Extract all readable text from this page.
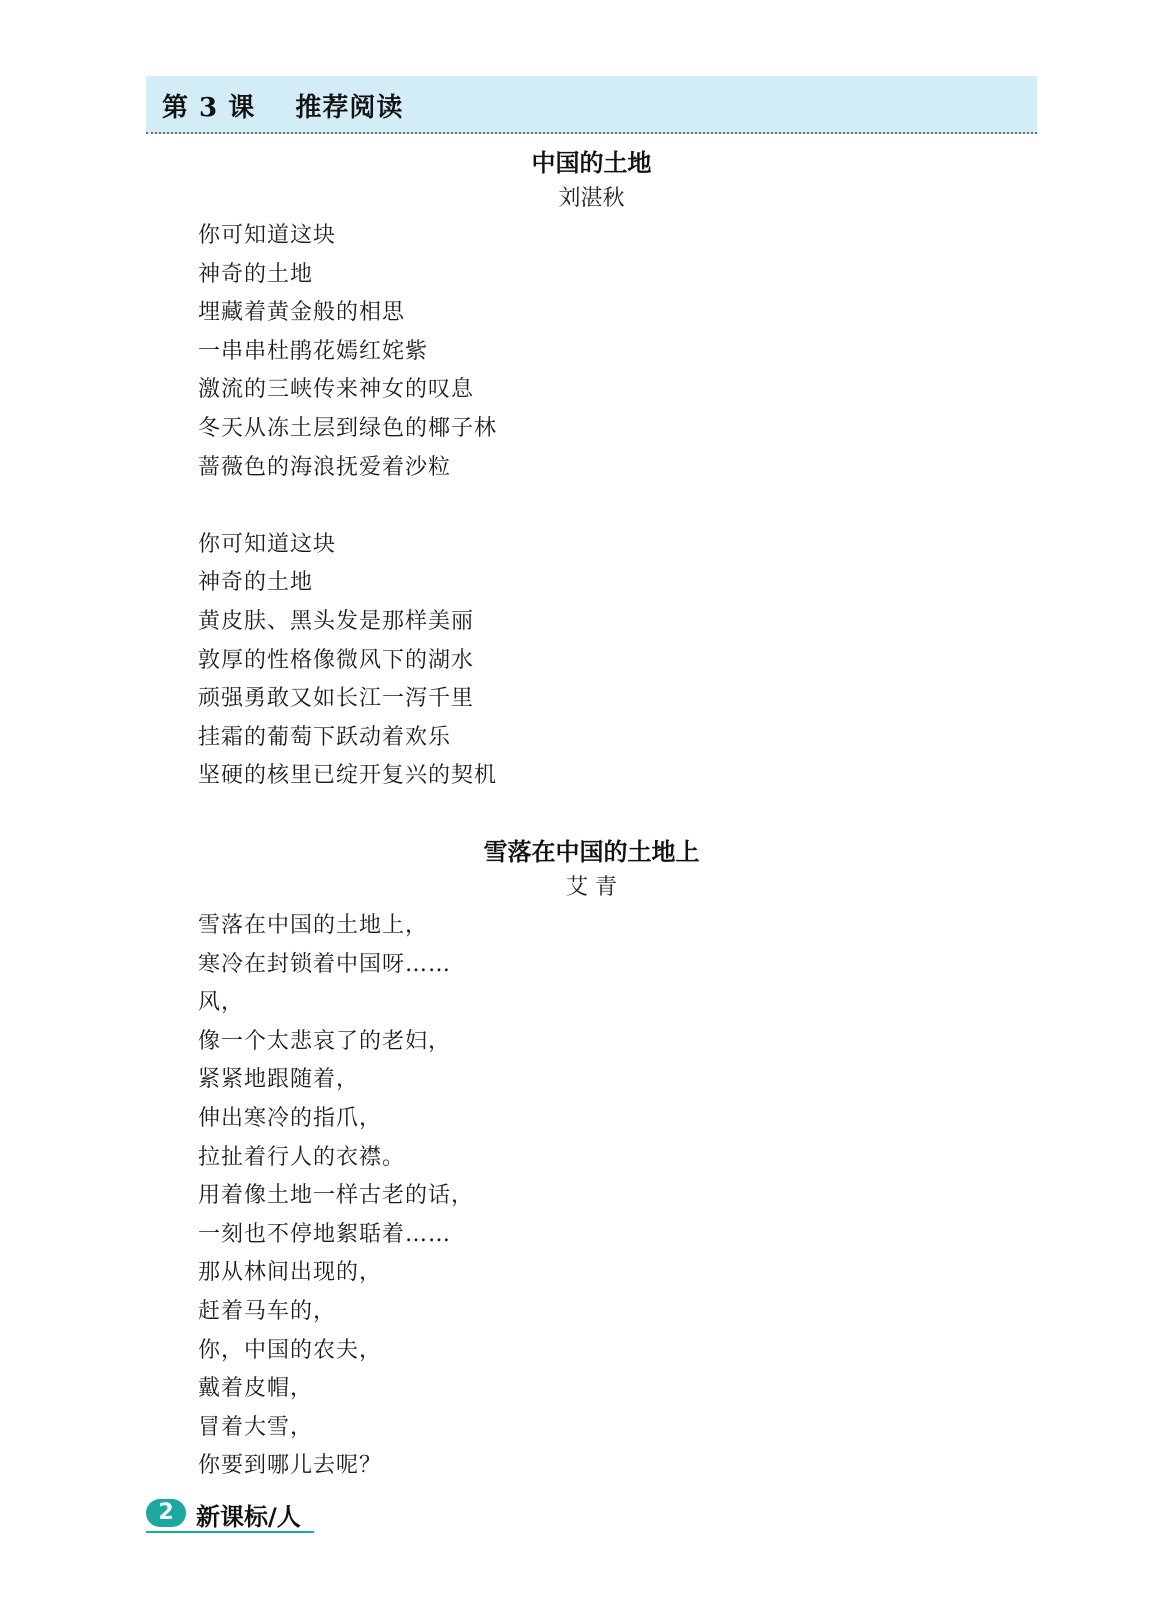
第 3 课    推荐阅读
中国的土地
刘湛秋
你可知道这块
神奇的土地
埋藏着黄金般的相思
一串串杜鹃花嫣红姹紫
激流的三峡传来神女的叹息
冬天从冻土层到绿色的椰子林
蔷薇色的海浪抚爱着沙粒
你可知道这块
神奇的土地
黄皮肤、黑头发是那样美丽
敦厚的性格像微风下的湖水
顽强勇敢又如长江一泻千里
挂霜的葡萄下跃动着欢乐
坚硬的核里已绽开复兴的契机
雪落在中国的土地上
艾 青
雪落在中国的土地上，
寒冷在封锁着中国呀……
风，
像一个太悲哀了的老妇，
紧紧地跟随着，
伸出寒冷的指爪，
拉扯着行人的衣襟。
用着像土地一样古老的话，
一刻也不停地絮聒着……
那从林间出现的，
赶着马车的，
你，中国的农夫，
戴着皮帽，
冒着大雪，
你要到哪儿去呢？
2 新课标/人
